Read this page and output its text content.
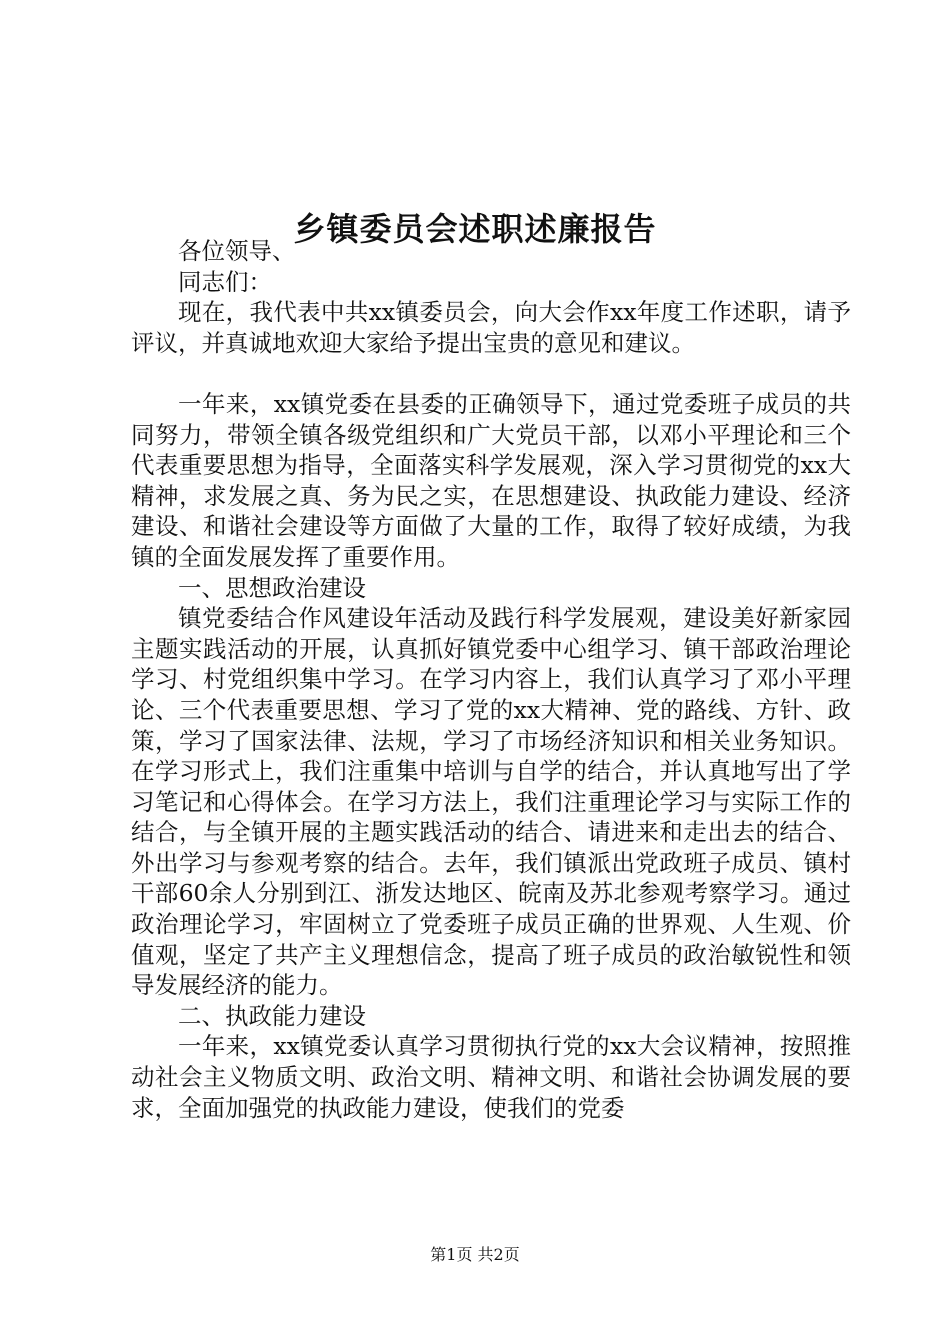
乡镇委员会述职述廉报告

各位领导、

同志们：

现在，我代表中共xx镇委员会，向大会作xx年度工作述职，请予评议，并真诚地欢迎大家给予提出宝贵的意见和建议。

一年来，xx镇党委在县委的正确领导下，通过党委班子成员的共同努力，带领全镇各级党组织和广大党员干部，以邓小平理论和三个代表重要思想为指导，全面落实科学发展观，深入学习贯彻党的xx大精神，求发展之真、务为民之实，在思想建设、执政能力建设、经济建设、和谐社会建设等方面做了大量的工作，取得了较好成绩，为我镇的全面发展发挥了重要作用。

一、思想政治建设

镇党委结合作风建设年活动及践行科学发展观，建设美好新家园主题实践活动的开展，认真抓好镇党委中心组学习、镇干部政治理论学习、村党组织集中学习。在学习内容上，我们认真学习了邓小平理论、三个代表重要思想、学习了党的xx大精神、党的路线、方针、政策，学习了国家法律、法规，学习了市场经济知识和相关业务知识。在学习形式上，我们注重集中培训与自学的结合，并认真地写出了学习笔记和心得体会。在学习方法上，我们注重理论学习与实际工作的结合，与全镇开展的主题实践活动的结合、请进来和走出去的结合、外出学习与参观考察的结合。去年，我们镇派出党政班子成员、镇村干部60余人分别到江、浙发达地区、皖南及苏北参观考察学习。通过政治理论学习，牢固树立了党委班子成员正确的世界观、人生观、价值观，坚定了共产主义理想信念，提高了班子成员的政治敏锐性和领导发展经济的能力。

二、执政能力建设

一年来，xx镇党委认真学习贯彻执行党的xx大会议精神，按照推动社会主义物质文明、政治文明、精神文明、和谐社会协调发展的要求，全面加强党的执政能力建设，使我们的党委

第1页 共2页
